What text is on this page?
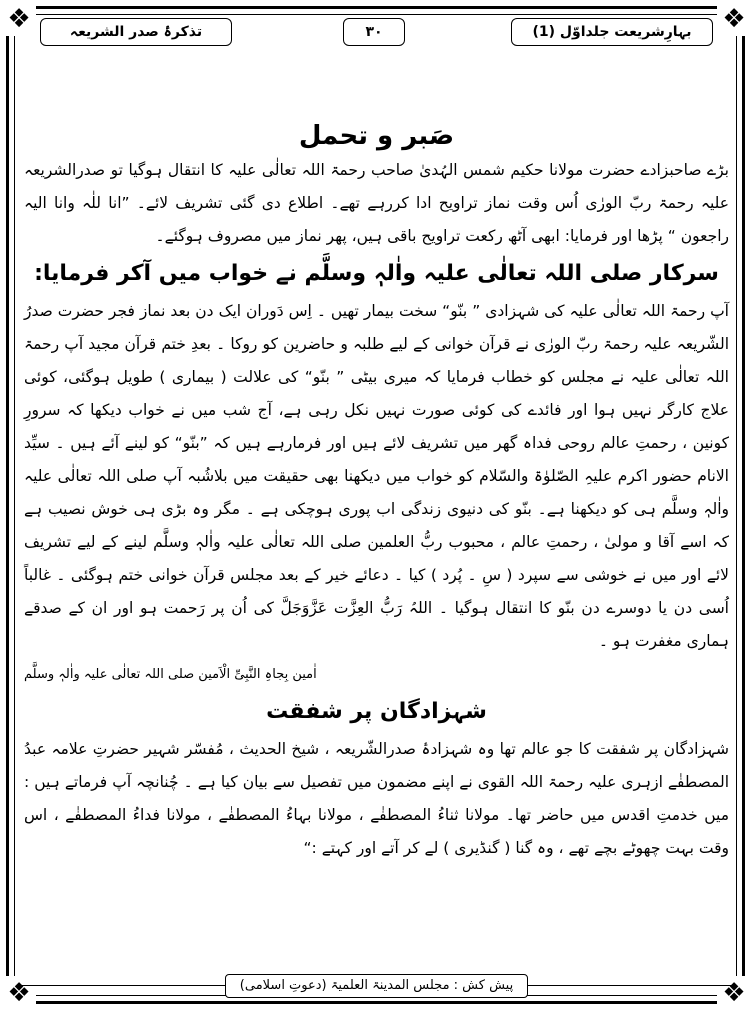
❖	❖
❖	❖
بہارِشریعت جلداوّل (1)
۳۰
تذکرۂ صدر الشریعہ
صَبر و تحمل
بڑے صاحبزادے حضرت مولانا حکیم شمس الہُدیٰ صاحب رحمۃ اللہ تعالٰی علیہ کا انتقال ہوگیا تو صدرالشریعہ علیہ رحمۃ ربّ الورٰی اُس وقت نماز تراویح ادا کررہے تھے۔ اطلاع دی گئی تشریف لائے۔ ”انا للٰہ وانا الیہ راجعون “ پڑھا اور فرمایا: ابھی آٹھ رکعت تراویح باقی ہیں، پھر نماز میں مصروف ہوگئے۔
سرکار صلی اللہ تعالٰی علیہ واٰلہٖ وسلَّم نے خواب میں آکر فرمایا:
آپ رحمۃ اللہ تعالٰی علیہ کی شہزادی ” بنّو“ سخت بیمار تھیں ۔ اِس دَوران ایک دن بعد نماز فجر حضرت صدرُ الشّریعہ علیہ رحمۃ ربّ الورٰی نے قرآن خوانی کے لیے طلبہ و حاضرین کو روکا ۔ بعدِ ختم قرآن مجید آپ رحمۃ اللہ تعالٰی علیہ نے مجلس کو خطاب فرمایا کہ میری بیٹی ” بنّو“ کی علالت ( بیماری ) طویل ہوگئی، کوئی علاج کارگر نہیں ہوا اور فائدے کی کوئی صورت نہیں نکل رہی ہے، آج شب میں نے خواب دیکھا کہ سرورِ کونین ، رحمتِ عالم روحی فداہ گھر میں تشریف لائے ہیں اور فرمارہے ہیں کہ ”بنّو“ کو لینے آئے ہیں ۔ سیِّد الانام حضور اکرم علیہِ الصّلوٰۃ والسّلام کو خواب میں دیکھنا بھی حقیقت میں بلاشُبہ آپ صلی اللہ تعالٰی علیہ واٰلہٖ وسلَّم ہی کو دیکھنا ہے۔ بنّو کی دنیوی زندگی اب پوری ہوچکی ہے ۔ مگر وہ بڑی ہی خوش نصیب ہے کہ اسے آقا و مولیٰ ، رحمتِ عالم ، محبوب ربُّ العلمین صلی اللہ تعالٰی علیہ واٰلہٖ وسلَّم لینے کے لیے تشریف لائے اور میں نے خوشی سے سپرد ( سِ ۔ پُرد ) کیا ۔ دعائے خیر کے بعد مجلس قرآن خوانی ختم ہوگئی ۔ غالباً اُسی دن یا دوسرے دن بنّو کا انتقال ہوگیا ۔ اللہُ رَبُّ العِزَّت عَزَّوَجَلَّ کی اُن پر رَحمت ہو اور ان کے صدقے ہماری مغفرت ہو ۔
اٰمین بِجاہِ النَّبِیِّ الْاَمین صلی اللہ تعالٰی علیہ واٰلہٖ وسلَّم
شہزادگان پر شفقت
شہزادگان پر شفقت کا جو عالم تھا وہ شہزادۂ صدرالشّریعہ ، شیخ الحدیث ، مُفسّر شہیر حضرتِ علامہ عبدُ المصطفٰے ازہری علیہ رحمۃ اللہ القوی نے اپنے مضمون میں تفصیل سے بیان کیا ہے ۔ چُنانچہ آپ فرماتے ہیں : میں خدمتِ اقدس میں حاضر تھا۔ مولانا ثناءُ المصطفٰے ، مولانا بہاءُ المصطفٰے ، مولانا فداءُ المصطفٰے ، اس وقت بہت چھوٹے بچے تھے ، وہ گنا ( گنڈیری ) لے کر آتے اور کہتے :“
پیش کش : مجلس المدینۃ العلمیۃ (دعوتِ اسلامی)
